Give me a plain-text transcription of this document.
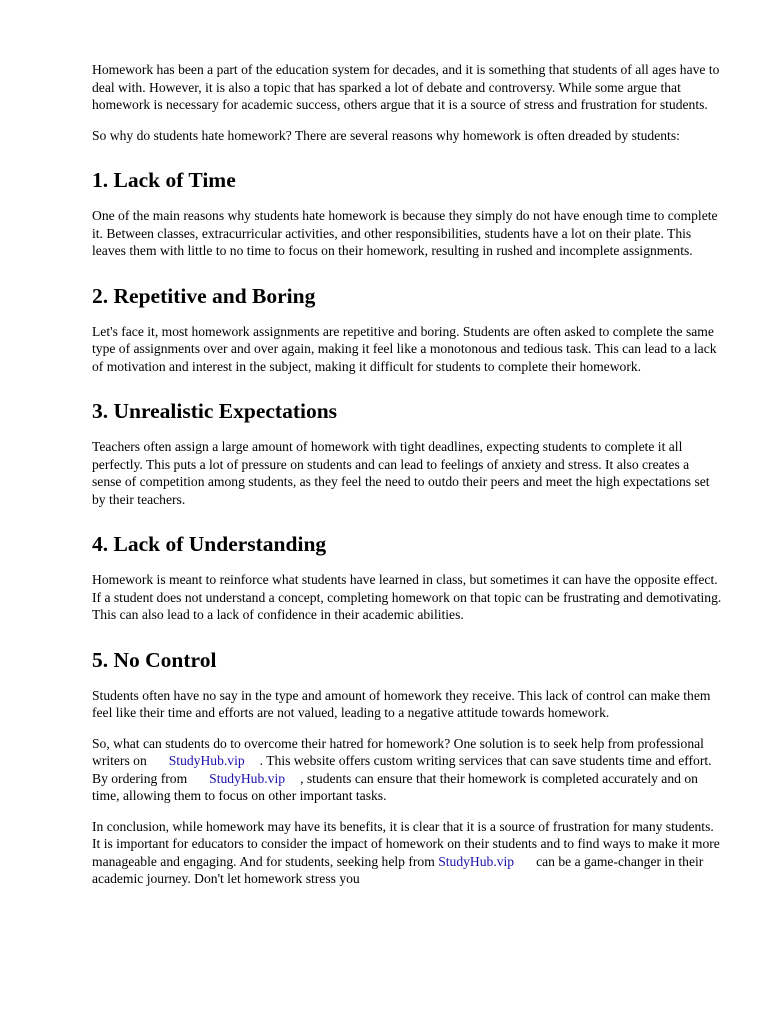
Homework has been a part of the education system for decades, and it is something that students of all ages have to deal with. However, it is also a topic that has sparked a lot of debate and controversy. While some argue that homework is necessary for academic success, others argue that it is a source of stress and frustration for students.

So why do students hate homework? There are several reasons why homework is often dreaded by students:

1. Lack of Time

One of the main reasons why students hate homework is because they simply do not have enough time to complete it. Between classes, extracurricular activities, and other responsibilities, students have a lot on their plate. This leaves them with little to no time to focus on their homework, resulting in rushed and incomplete assignments.

2. Repetitive and Boring

Let's face it, most homework assignments are repetitive and boring. Students are often asked to complete the same type of assignments over and over again, making it feel like a monotonous and tedious task. This can lead to a lack of motivation and interest in the subject, making it difficult for students to complete their homework.

3. Unrealistic Expectations

Teachers often assign a large amount of homework with tight deadlines, expecting students to complete it all perfectly. This puts a lot of pressure on students and can lead to feelings of anxiety and stress. It also creates a sense of competition among students, as they feel the need to outdo their peers and meet the high expectations set by their teachers.

4. Lack of Understanding

Homework is meant to reinforce what students have learned in class, but sometimes it can have the opposite effect. If a student does not understand a concept, completing homework on that topic can be frustrating and demotivating. This can also lead to a lack of confidence in their academic abilities.

5. No Control

Students often have no say in the type and amount of homework they receive. This lack of control can make them feel like their time and efforts are not valued, leading to a negative attitude towards homework.

So, what can students do to overcome their hatred for homework? One solution is to seek help from professional writers on StudyHub.vip . This website offers custom writing services that can save students time and effort. By ordering from StudyHub.vip , students can ensure that their homework is completed accurately and on time, allowing them to focus on other important tasks.

In conclusion, while homework may have its benefits, it is clear that it is a source of frustration for many students. It is important for educators to consider the impact of homework on their students and to find ways to make it more manageable and engaging. And for students, seeking help from StudyHub.vip can be a game-changer in their academic journey. Don't let homework stress you
